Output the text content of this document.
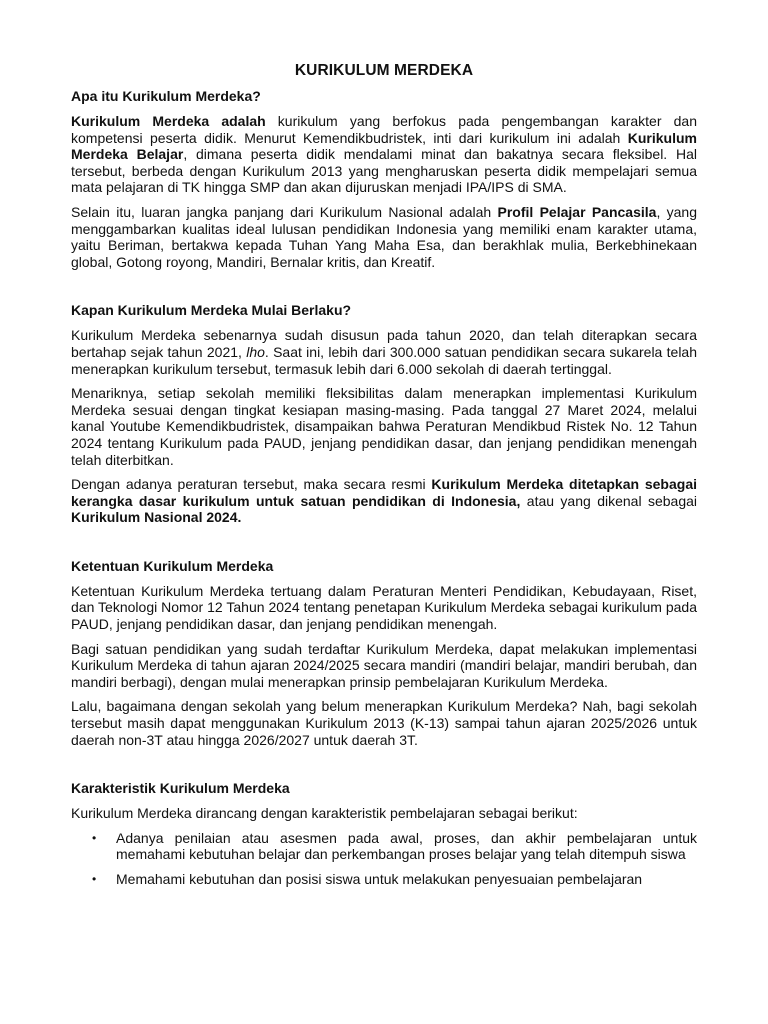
KURIKULUM MERDEKA
Apa itu Kurikulum Merdeka?

Kurikulum Merdeka adalah kurikulum yang berfokus pada pengembangan karakter dan kompetensi peserta didik. Menurut Kemendikbudristek, inti dari kurikulum ini adalah Kurikulum Merdeka Belajar, dimana peserta didik mendalami minat dan bakatnya secara fleksibel. Hal tersebut, berbeda dengan Kurikulum 2013 yang mengharuskan peserta didik mempelajari semua mata pelajaran di TK hingga SMP dan akan dijuruskan menjadi IPA/IPS di SMA.

Selain itu, luaran jangka panjang dari Kurikulum Nasional adalah Profil Pelajar Pancasila, yang menggambarkan kualitas ideal lulusan pendidikan Indonesia yang memiliki enam karakter utama, yaitu Beriman, bertakwa kepada Tuhan Yang Maha Esa, dan berakhlak mulia, Berkebhinekaan global, Gotong royong, Mandiri, Bernalar kritis, dan Kreatif.

Kapan Kurikulum Merdeka Mulai Berlaku?

Kurikulum Merdeka sebenarnya sudah disusun pada tahun 2020, dan telah diterapkan secara bertahap sejak tahun 2021, lho. Saat ini, lebih dari 300.000 satuan pendidikan secara sukarela telah menerapkan kurikulum tersebut, termasuk lebih dari 6.000 sekolah di daerah tertinggal.

Menariknya, setiap sekolah memiliki fleksibilitas dalam menerapkan implementasi Kurikulum Merdeka sesuai dengan tingkat kesiapan masing-masing. Pada tanggal 27 Maret 2024, melalui kanal Youtube Kemendikbudristek, disampaikan bahwa Peraturan Mendikbud Ristek No. 12 Tahun 2024 tentang Kurikulum pada PAUD, jenjang pendidikan dasar, dan jenjang pendidikan menengah telah diterbitkan.

Dengan adanya peraturan tersebut, maka secara resmi Kurikulum Merdeka ditetapkan sebagai kerangka dasar kurikulum untuk satuan pendidikan di Indonesia, atau yang dikenal sebagai Kurikulum Nasional 2024.

Ketentuan Kurikulum Merdeka

Ketentuan Kurikulum Merdeka tertuang dalam Peraturan Menteri Pendidikan, Kebudayaan, Riset, dan Teknologi Nomor 12 Tahun 2024 tentang penetapan Kurikulum Merdeka sebagai kurikulum pada PAUD, jenjang pendidikan dasar, dan jenjang pendidikan menengah.

Bagi satuan pendidikan yang sudah terdaftar Kurikulum Merdeka, dapat melakukan implementasi Kurikulum Merdeka di tahun ajaran 2024/2025 secara mandiri (mandiri belajar, mandiri berubah, dan mandiri berbagi), dengan mulai menerapkan prinsip pembelajaran Kurikulum Merdeka.

Lalu, bagaimana dengan sekolah yang belum menerapkan Kurikulum Merdeka? Nah, bagi sekolah tersebut masih dapat menggunakan Kurikulum 2013 (K-13) sampai tahun ajaran 2025/2026 untuk daerah non-3T atau hingga 2026/2027 untuk daerah 3T.

Karakteristik Kurikulum Merdeka

Kurikulum Merdeka dirancang dengan karakteristik pembelajaran sebagai berikut:

• Adanya penilaian atau asesmen pada awal, proses, dan akhir pembelajaran untuk memahami kebutuhan belajar dan perkembangan proses belajar yang telah ditempuh siswa
• Memahami kebutuhan dan posisi siswa untuk melakukan penyesuaian pembelajaran
